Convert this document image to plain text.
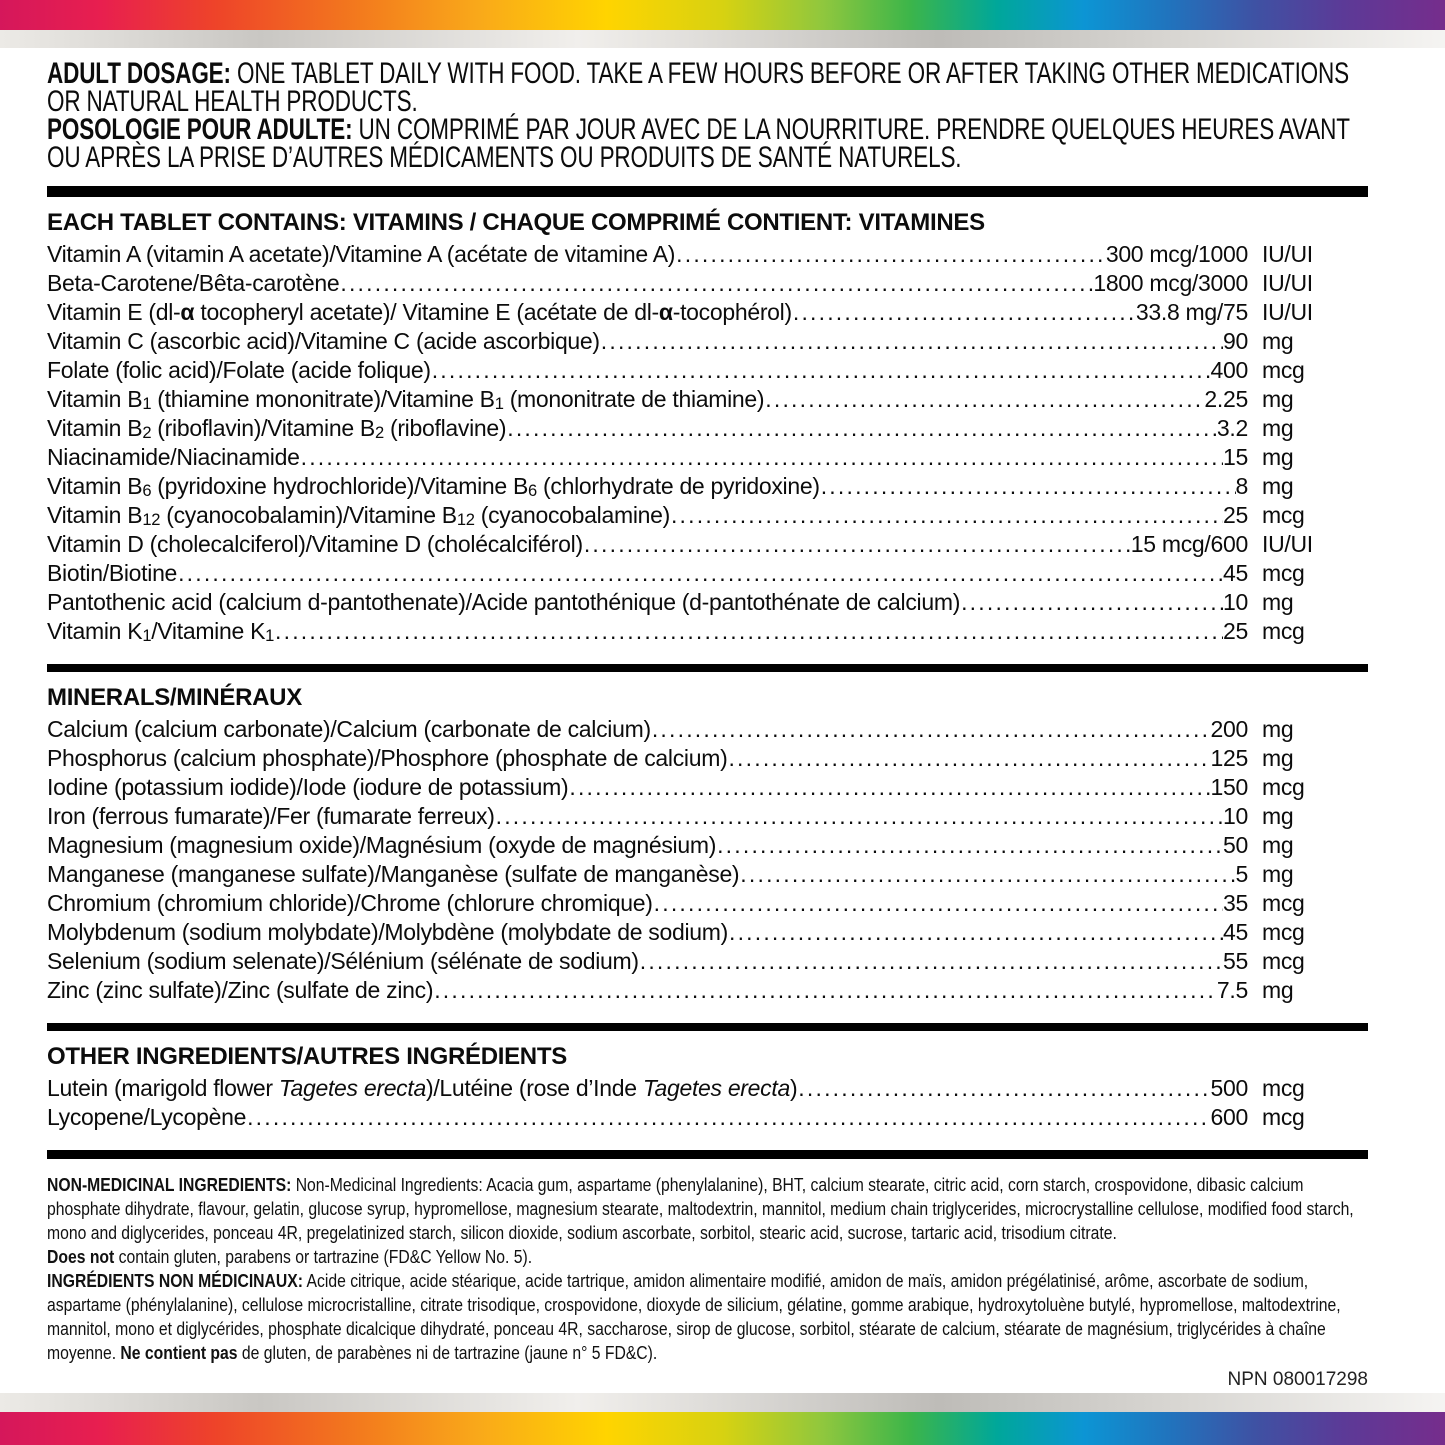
ADULT DOSAGE: ONE TABLET DAILY WITH FOOD. TAKE A FEW HOURS BEFORE OR AFTER TAKING OTHER MEDICATIONS OR NATURAL HEALTH PRODUCTS.

POSOLOGIE POUR ADULTE: UN COMPRIMÉ PAR JOUR AVEC DE LA NOURRITURE. PRENDRE QUELQUES HEURES AVANT OU APRÈS LA PRISE D’AUTRES MÉDICAMENTS OU PRODUITS DE SANTÉ NATURELS.

EACH TABLET CONTAINS: VITAMINS / CHAQUE COMPRIMÉ CONTIENT: VITAMINES
Vitamin A (vitamin A acetate)/Vitamine A (acétate de vitamine A) .....	300 mcg/1000 IU/UI
Beta-Carotene/Bêta-carotène .....	1800 mcg/3000 IU/UI
Vitamin E (dl-α tocopheryl acetate)/ Vitamine E (acétate de dl-α-tocophérol) .....	33.8 mg/75 IU/UI
Vitamin C (ascorbic acid)/Vitamine C (acide ascorbique) .....	90 mg
Folate (folic acid)/Folate (acide folique) .....	400 mcg
Vitamin $B_1$ (thiamine mononitrate)/Vitamine $B_1$ (mononitrate de thiamine) .....	2.25 mg
Vitamin $B_2$ (riboflavin)/Vitamine $B_2$ (riboflavine) .....	3.2 mg
Niacinamide/Niacinamide .....	15 mg
Vitamin $B_6$ (pyridoxine hydrochloride)/Vitamine $B_6$ (chlorhydrate de pyridoxine) .....	8 mg
Vitamin $B_{12}$ (cyanocobalamin)/Vitamine $B_{12}$ (cyanocobalamine) .....	25 mcg
Vitamin D (cholecalciferol)/Vitamine D (cholécalciférol) .....	15 mcg/600 IU/UI
Biotin/Biotine .....	45 mcg
Pantothenic acid (calcium d-pantothenate)/Acide pantothénique (d-pantothénate de calcium) .....	10 mg
Vitamin $K_1$/Vitamine $K_1$ .....	25 mcg
MINERALS/MINÉRAUX
Calcium (calcium carbonate)/Calcium (carbonate de calcium) .....	200 mg
Phosphorus (calcium phosphate)/Phosphore (phosphate de calcium) .....	125 mg
Iodine (potassium iodide)/Iode (iodure de potassium) .....	150 mcg
Iron (ferrous fumarate)/Fer (fumarate ferreux) .....	10 mg
Magnesium (magnesium oxide)/Magnésium (oxyde de magnésium) .....	50 mg
Manganese (manganese sulfate)/Manganèse (sulfate de manganèse) .....	5 mg
Chromium (chromium chloride)/Chrome (chlorure chromique) .....	35 mcg
Molybdenum (sodium molybdate)/Molybdène (molybdate de sodium) .....	45 mcg
Selenium (sodium selenate)/Sélénium (sélénate de sodium) .....	55 mcg
Zinc (zinc sulfate)/Zinc (sulfate de zinc) .....	7.5 mg
OTHER INGREDIENTS/AUTRES INGRÉDIENTS
Lutein (marigold flower Tagetes erecta)/Lutéine (rose d’Inde Tagetes erecta) .....	500 mcg
Lycopene/Lycopène .....	600 mcg

NON-MEDICINAL INGREDIENTS: Non-Medicinal Ingredients: Acacia gum, aspartame (phenylalanine), BHT, calcium stearate, citric acid, corn starch, crospovidone, dibasic calcium phosphate dihydrate, flavour, gelatin, glucose syrup, hypromellose, magnesium stearate, maltodextrin, mannitol, medium chain triglycerides, microcrystalline cellulose, modified food starch, mono and diglycerides, ponceau 4R, pregelatinized starch, silicon dioxide, sodium ascorbate, sorbitol, stearic acid, sucrose, tartaric acid, trisodium citrate.

Does not contain gluten, parabens or tartrazine (FD&C Yellow No. 5).

INGRÉDIENTS NON MÉDICINAUX: Acide citrique, acide stéarique, acide tartrique, amidon alimentaire modifié, amidon de maïs, amidon prégélatinisé, arôme, ascorbate de sodium, aspartame (phénylalanine), cellulose microcristalline, citrate trisodique, crospovidone, dioxyde de silicium, gélatine, gomme arabique, hydroxytoluène butylé, hypromellose, maltodextrine, mannitol, mono et diglycérides, phosphate dicalcique dihydraté, ponceau 4R, saccharose, sirop de glucose, sorbitol, stéarate de calcium, stéarate de magnésium, triglycérides à chaîne moyenne. Ne contient pas de gluten, de parabènes ni de tartrazine (jaune n° 5 FD&C).

NPN 080017298
